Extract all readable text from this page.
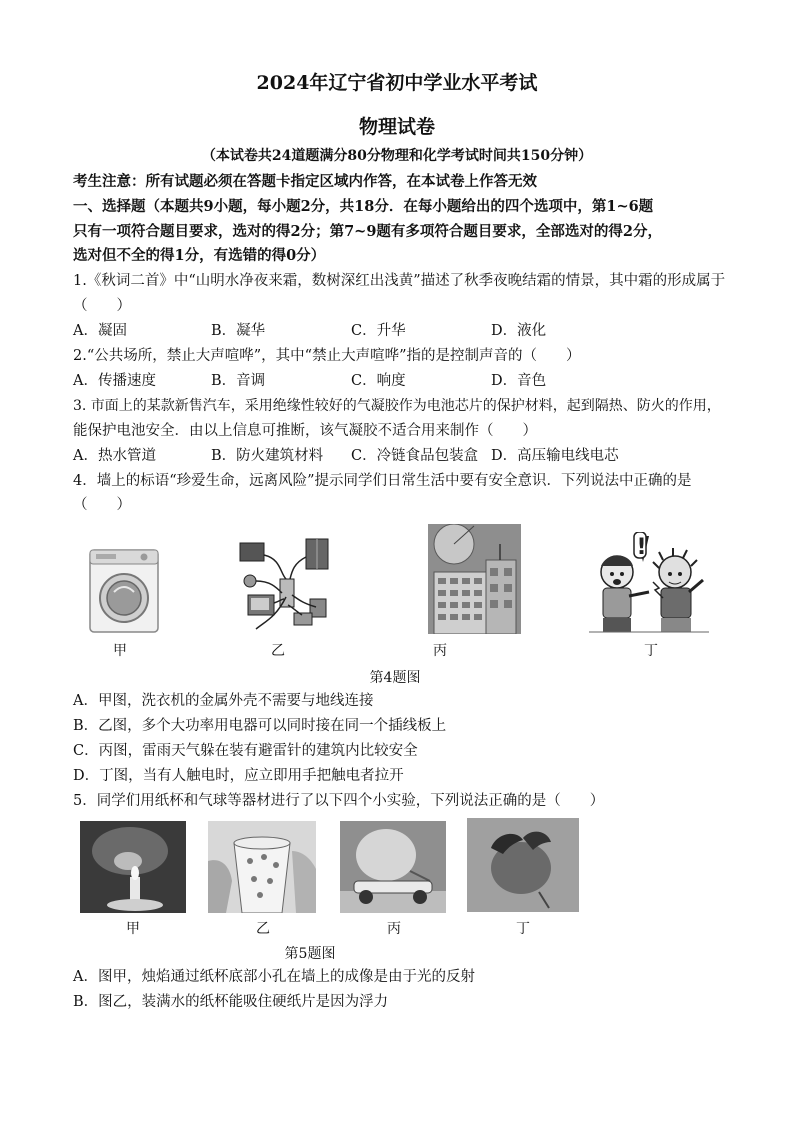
2024年辽宁省初中学业水平考试
物理试卷
（本试卷共24道题满分80分物理和化学考试时间共150分钟）
考生注意：所有试题必须在答题卡指定区域内作答，在本试卷上作答无效
一、选择题（本题共9小题，每小题2分，共18分．在每小题给出的四个选项中，第1~6题
只有一项符合题目要求，选对的得2分；第7~9题有多项符合题目要求，全部选对的得2分，
选对但不全的得1分，有选错的得0分）
1.《秋词二首》中“山明水净夜来霜，数树深红出浅黄”描述了秋季夜晚结霜的情景，其中霜的形成属于
（　　）
A．凝固	B．凝华	C．升华	D．液化
2.“公共场所，禁止大声喧哗”，其中“禁止大声喧哗”指的是控制声音的（　　）
A．传播速度	B．音调	C．响度	D．音色
3. 市面上的某款新售汽车，采用绝缘性较好的气凝胶作为电池芯片的保护材料，起到隔热、防火的作用，
能保护电池安全．由以上信息可推断，该气凝胶不适合用来制作（　　）
A．热水管道	B．防火建筑材料 C．冷链食品包装盒 D．高压输电线电芯
4．墙上的标语“珍爱生命，远离风险”提示同学们日常生活中要有安全意识．下列说法中正确的是
（　　）
!
甲	乙	丙	丁
第4题图
A．甲图，洗衣机的金属外壳不需要与地线连接
B．乙图，多个大功率用电器可以同时接在同一个插线板上
C．丙图，雷雨天气躲在装有避雷针的建筑内比较安全
D．丁图，当有人触电时，应立即用手把触电者拉开
5．同学们用纸杯和气球等器材进行了以下四个小实验，下列说法正确的是（　　）
甲	乙	丙	丁
第5题图
A．图甲，烛焰通过纸杯底部小孔在墙上的成像是由于光的反射
B．图乙，装满水的纸杯能吸住硬纸片是因为浮力
